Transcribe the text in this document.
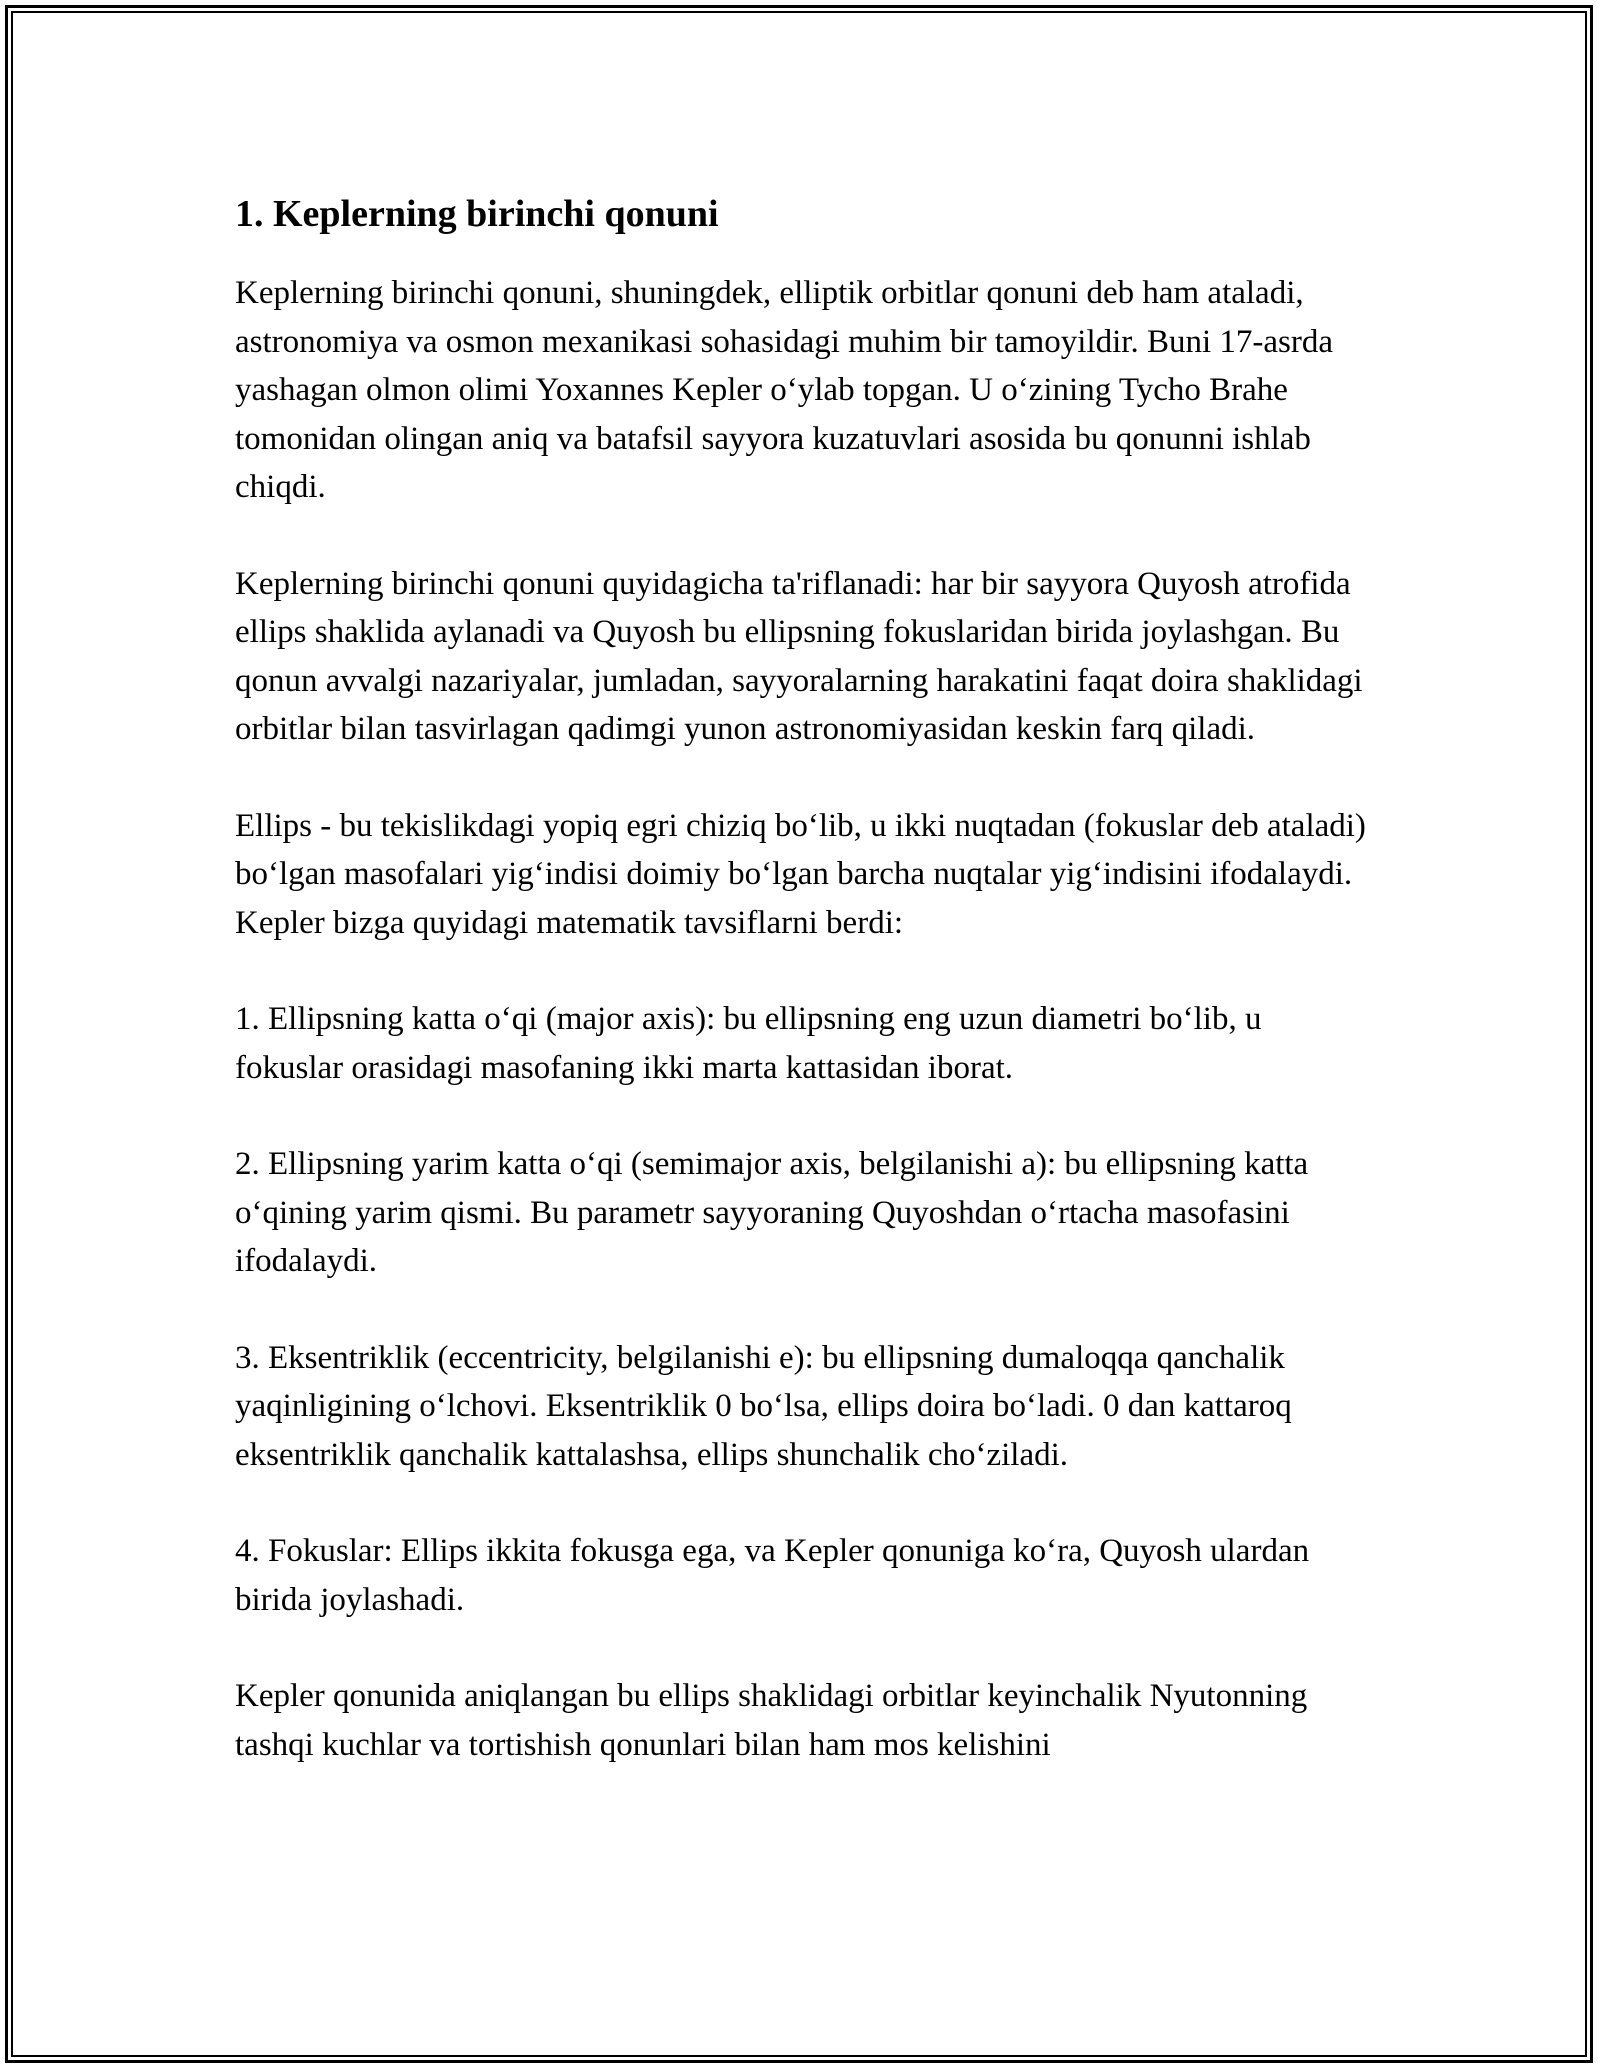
1. Keplerning birinchi qonuni

Keplerning birinchi qonuni, shuningdek, elliptik orbitlar qonuni deb ham ataladi, astronomiya va osmon mexanikasi sohasidagi muhim bir tamoyildir. Buni 17-asrda yashagan olmon olimi Yoxannes Kepler o‘ylab topgan. U o‘zining Tycho Brahe tomonidan olingan aniq va batafsil sayyora kuzatuvlari asosida bu qonunni ishlab chiqdi.

Keplerning birinchi qonuni quyidagicha ta'riflanadi: har bir sayyora Quyosh atrofida ellips shaklida aylanadi va Quyosh bu ellipsning fokuslaridan birida joylashgan. Bu qonun avvalgi nazariyalar, jumladan, sayyoralarning harakatini faqat doira shaklidagi orbitlar bilan tasvirlagan qadimgi yunon astronomiyasidan keskin farq qiladi.

Ellips - bu tekislikdagi yopiq egri chiziq bo‘lib, u ikki nuqtadan (fokuslar deb ataladi) bo‘lgan masofalari yig‘indisi doimiy bo‘lgan barcha nuqtalar yig‘indisini ifodalaydi. Kepler bizga quyidagi matematik tavsiflarni berdi:

1. Ellipsning katta o‘qi (major axis): bu ellipsning eng uzun diametri bo‘lib, u fokuslar orasidagi masofaning ikki marta kattasidan iborat.

2. Ellipsning yarim katta o‘qi (semimajor axis, belgilanishi a): bu ellipsning katta o‘qining yarim qismi. Bu parametr sayyoraning Quyoshdan o‘rtacha masofasini ifodalaydi.

3. Eksentriklik (eccentricity, belgilanishi e): bu ellipsning dumaloqqa qanchalik yaqinligining o‘lchovi. Eksentriklik 0 bo‘lsa, ellips doira bo‘ladi. 0 dan kattaroq eksentriklik qanchalik kattalashsa, ellips shunchalik cho‘ziladi.

4. Fokuslar: Ellips ikkita fokusga ega, va Kepler qonuniga ko‘ra, Quyosh ulardan birida joylashadi.

Kepler qonunida aniqlangan bu ellips shaklidagi orbitlar keyinchalik Nyutonning tashqi kuchlar va tortishish qonunlari bilan ham mos kelishini
